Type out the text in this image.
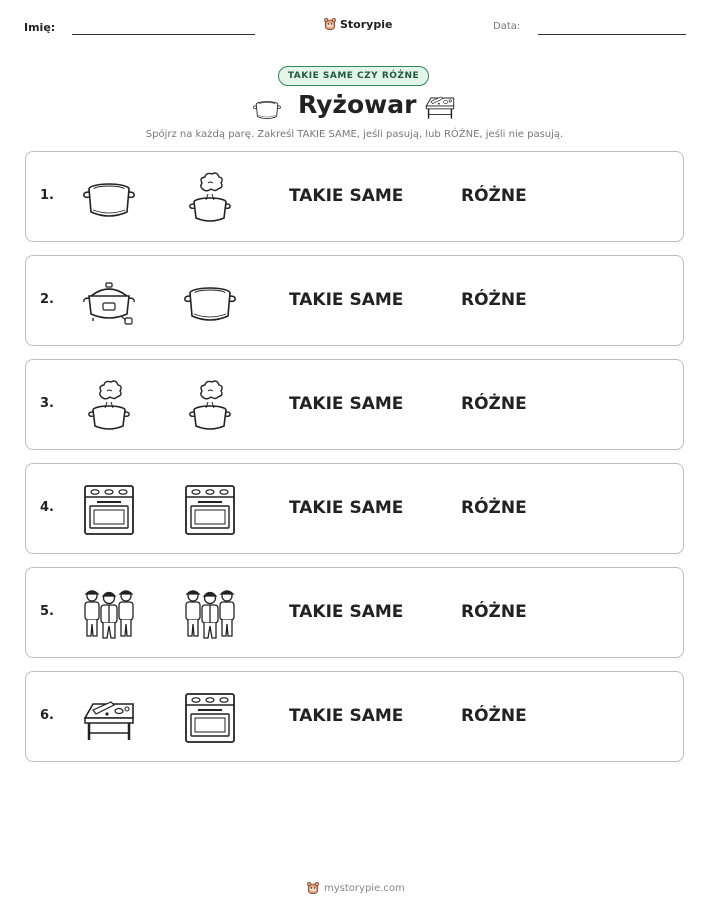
Imię:	Storypie	Data:
TAKIE SAME CZY RÓŻNE
Ryżowar
Spójrz na każdą parę. Zakreśl TAKIE SAME, jeśli pasują, lub RÓŻNE, jeśli nie pasują.
1.	TAKIE SAME	RÓŻNE
2.	TAKIE SAME	RÓŻNE
3.	TAKIE SAME	RÓŻNE
4.	TAKIE SAME	RÓŻNE
5.	TAKIE SAME	RÓŻNE
6.	TAKIE SAME	RÓŻNE
mystorypie.com
